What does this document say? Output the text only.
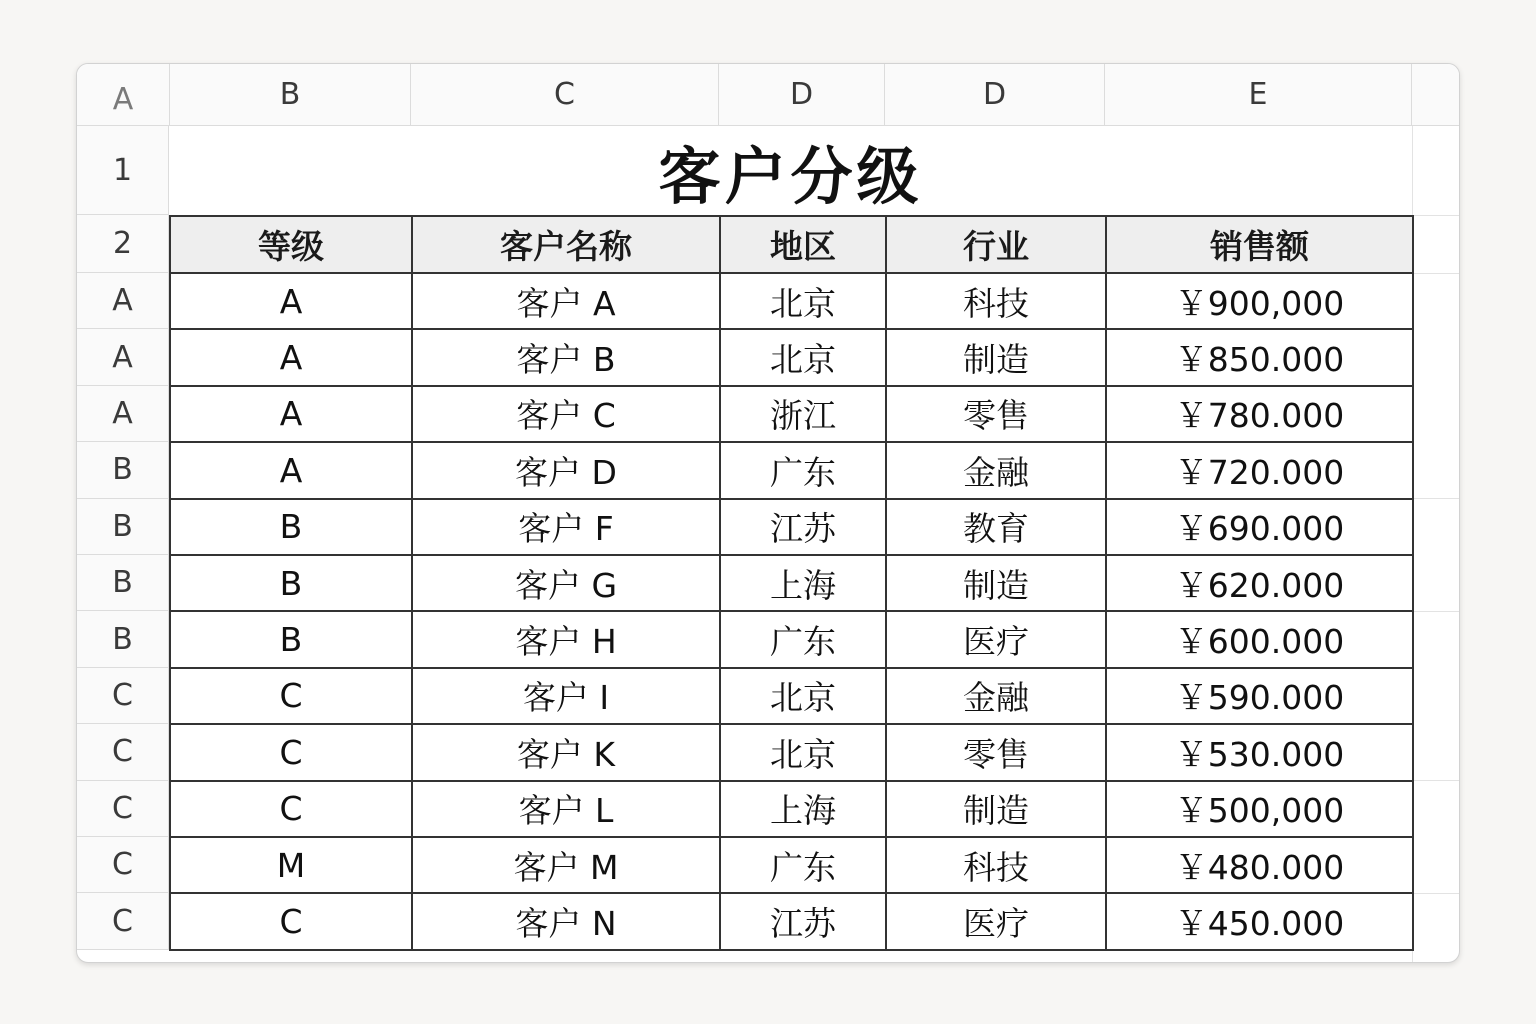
A	B	C	D	D	E
1
2
A
A
A
B
B
B
B
C
C
C
C
C
客户分级
等级	客户名称	地区	行业	销售额
A	客户 A	北京	科技	￥900,000
A	客户 B	北京	制造	￥850.000
A	客户 C	浙江	零售	￥780.000
A	客户 D	广东	金融	￥720.000
B	客户 F	江苏	教育	￥690.000
B	客户 G	上海	制造	￥620.000
B	客户 H	广东	医疗	￥600.000
C	客户 I	北京	金融	￥590.000
C	客户 K	北京	零售	￥530.000
C	客户 L	上海	制造	￥500,000
M	客户 M	广东	科技	￥480.000
C	客户 N	江苏	医疗	￥450.000
